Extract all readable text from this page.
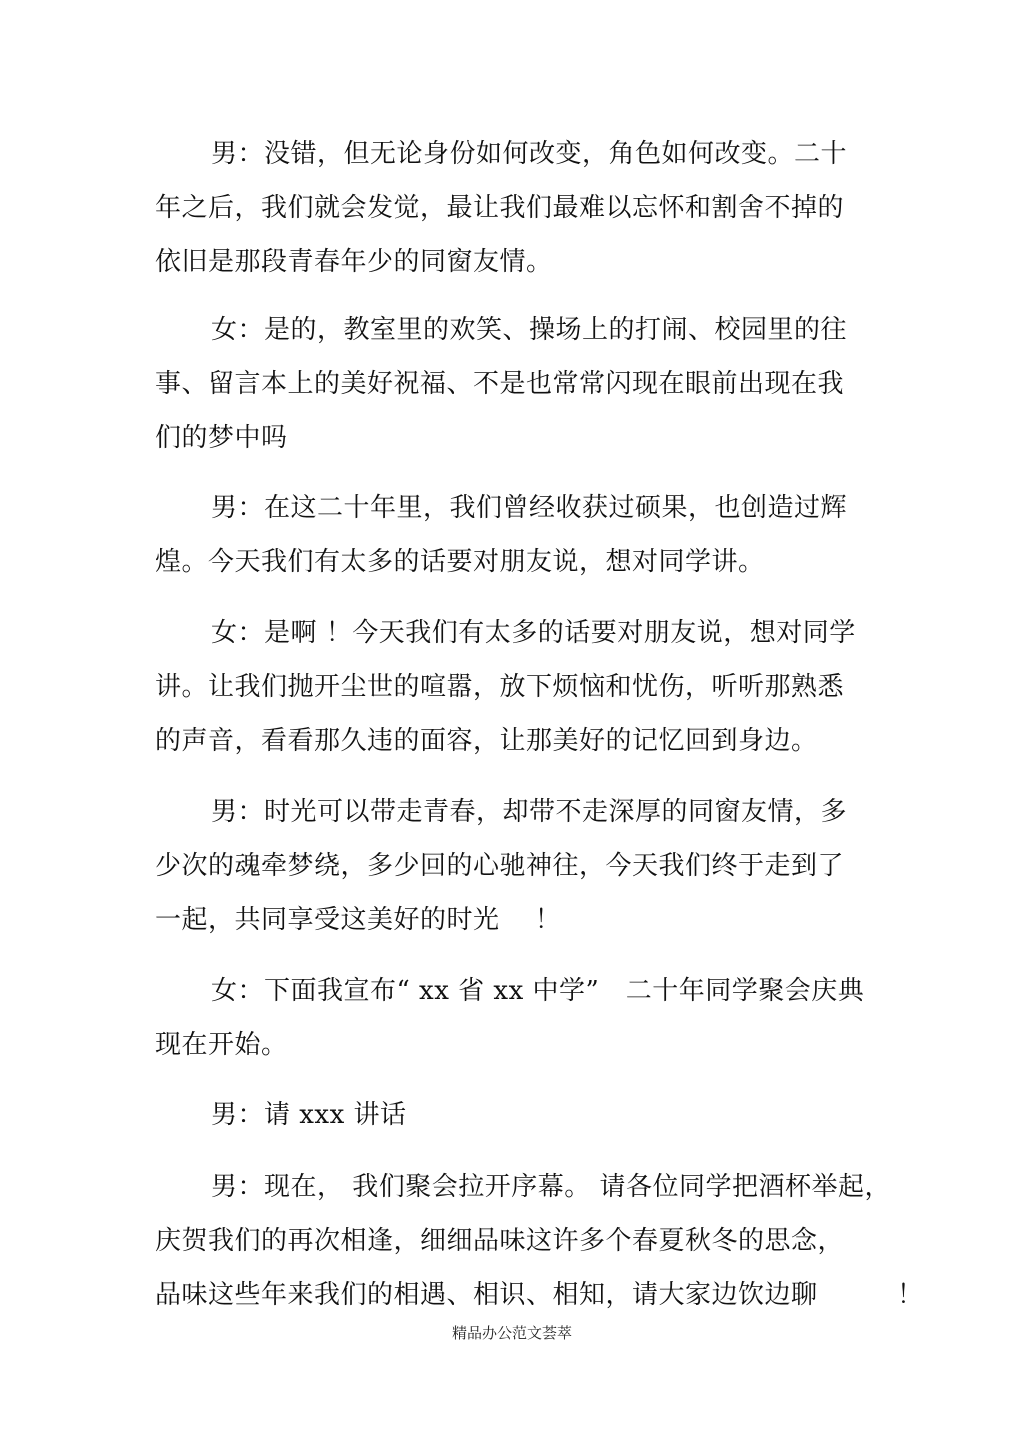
男：没错，但无论身份如何改变，角色如何改变。二十
年之后，我们就会发觉，最让我们最难以忘怀和割舍不掉的
依旧是那段青春年少的同窗友情。
女：是的，教室里的欢笑、操场上的打闹、校园里的往
事、留言本上的美好祝福、不是也常常闪现在眼前出现在我
们的梦中吗
男：在这二十年里，我们曾经收获过硕果，也创造过辉
煌。今天我们有太多的话要对朋友说，想对同学讲。
女：是啊 ！今天我们有太多的话要对朋友说，想对同学
讲。让我们抛开尘世的喧嚣，放下烦恼和忧伤，听听那熟悉
的声音，看看那久违的面容，让那美好的记忆回到身边。
男：时光可以带走青春，却带不走深厚的同窗友情，多
少次的魂牵梦绕，多少回的心驰神往，今天我们终于走到了
一起，共同享受这美好的时光　 ！
女：下面我宣布“ xx 省 xx 中学”　二十年同学聚会庆典
现在开始。
男：请 xxx 讲话
男：现在， 我们聚会拉开序幕。 请各位同学把酒杯举起，
庆贺我们的再次相逢，细细品味这许多个春夏秋冬的思念，
品味这些年来我们的相遇、相识、相知，请大家边饮边聊　　　！
精品办公范文荟萃
